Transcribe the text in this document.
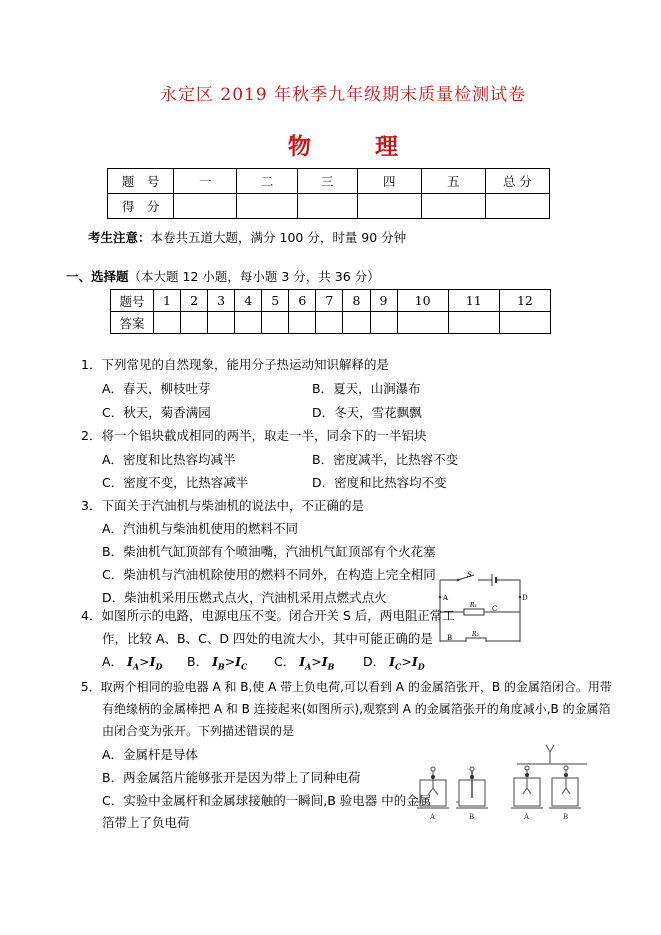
永定区 2019 年秋季九年级期末质量检测试卷
物	理
题　号	一	二	三	四	五	总 分
得　分						
考生注意：本卷共五道大题，满分 100 分，时量 90 分钟
一、选择题（本大题 12 小题，每小题 3 分，共 36 分）
题号	1	2	3	4	5	6	7	8	9	10	11	12
答案												
1．下列常见的自然现象，能用分子热运动知识解释的是
A．春天，柳枝吐芽	B．夏天，山涧瀑布
C．秋天，菊香满园	D．冬天，雪花飘飘
2．将一个铝块截成相同的两半，取走一半，同余下的一半铝块
A．密度和比热容均减半	B．密度减半，比热容不变
C．密度不变，比热容减半	D．密度和比热容均不变
3．下面关于汽油机与柴油机的说法中，不正确的是
A．汽油机与柴油机使用的燃料不同
B．柴油机气缸顶部有个喷油嘴，汽油机气缸顶部有个火花塞
C．柴油机与汽油机除使用的燃料不同外，在构造上完全相同
D．柴油机采用压燃式点火，汽油机采用点燃式点火
S
A	D
C
B
R₁
R₂
4．如图所示的电路，电源电压不变。闭合开关 S 后，两电阻正常工
作，比较 A、B、C、D 四处的电流大小，其中可能正确的是
A． $I_A>I_D$ B． $I_B>I_C$ C． $I_A>I_B$ D． $I_C>I_D$
5．取两个相同的验电器 A 和 B,使 A 带上负电荷,可以看到 A 的金属箔张开，B 的金属箔闭合。用带
有绝缘柄的金属棒把 A 和 B 连接起来(如图所示),观察到 A 的金属箔张开的角度减小,B 的金属箔
由闭合变为张开。下列描述错误的是
A．金属杆是导体
B．两金属箔片能够张开是因为带上了同种电荷
C．实验中金属杆和金属球接触的一瞬间,B 验电器 中的金属
箔带上了负电荷	A	B	A	B
